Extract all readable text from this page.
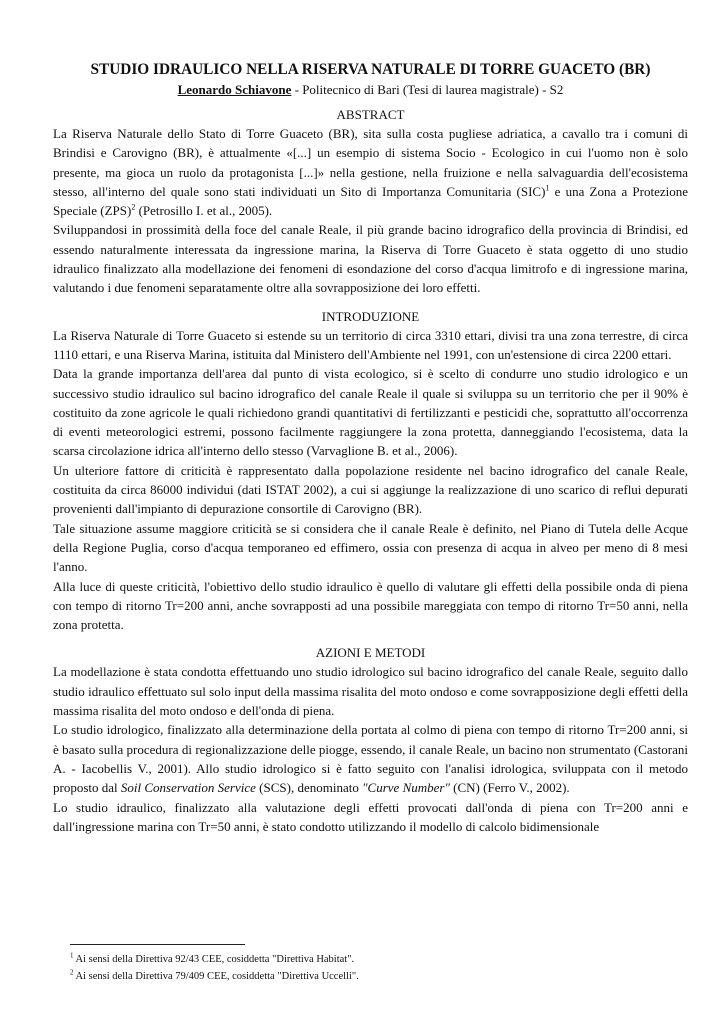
STUDIO IDRAULICO NELLA RISERVA NATURALE DI TORRE GUACETO (BR)

Leonardo Schiavone - Politecnico di Bari (Tesi di laurea magistrale) - S2

ABSTRACT

La Riserva Naturale dello Stato di Torre Guaceto (BR), sita sulla costa pugliese adriatica, a cavallo tra i comuni di Brindisi e Carovigno (BR), è attualmente «[...] un esempio di sistema Socio - Ecologico in cui l'uomo non è solo presente, ma gioca un ruolo da protagonista [...]» nella gestione, nella fruizione e nella salvaguardia dell'ecosistema stesso, all'interno del quale sono stati individuati un Sito di Importanza Comunitaria (SIC)$^1$ e una Zona a Protezione Speciale (ZPS)$^2$ (Petrosillo I. et al., 2005).

Sviluppandosi in prossimità della foce del canale Reale, il più grande bacino idrografico della provincia di Brindisi, ed essendo naturalmente interessata da ingressione marina, la Riserva di Torre Guaceto è stata oggetto di uno studio idraulico finalizzato alla modellazione dei fenomeni di esondazione del corso d'acqua limitrofo e di ingressione marina, valutando i due fenomeni separatamente oltre alla sovrapposizione dei loro effetti.

INTRODUZIONE

La Riserva Naturale di Torre Guaceto si estende su un territorio di circa 3310 ettari, divisi tra una zona terrestre, di circa 1110 ettari, e una Riserva Marina, istituita dal Ministero dell'Ambiente nel 1991, con un'estensione di circa 2200 ettari.

Data la grande importanza dell'area dal punto di vista ecologico, si è scelto di condurre uno studio idrologico e un successivo studio idraulico sul bacino idrografico del canale Reale il quale si sviluppa su un territorio che per il 90% è costituito da zone agricole le quali richiedono grandi quantitativi di fertilizzanti e pesticidi che, soprattutto all'occorrenza di eventi meteorologici estremi, possono facilmente raggiungere la zona protetta, danneggiando l'ecosistema, data la scarsa circolazione idrica all'interno dello stesso (Varvaglione B. et al., 2006).

Un ulteriore fattore di criticità è rappresentato dalla popolazione residente nel bacino idrografico del canale Reale, costituita da circa 86000 individui (dati ISTAT 2002), a cui si aggiunge la realizzazione di uno scarico di reflui depurati provenienti dall'impianto di depurazione consortile di Carovigno (BR).

Tale situazione assume maggiore criticità se si considera che il canale Reale è definito, nel Piano di Tutela delle Acque della Regione Puglia, corso d'acqua temporaneo ed effimero, ossia con presenza di acqua in alveo per meno di 8 mesi l'anno.

Alla luce di queste criticità, l'obiettivo dello studio idraulico è quello di valutare gli effetti della possibile onda di piena con tempo di ritorno Tr=200 anni, anche sovrapposti ad una possibile mareggiata con tempo di ritorno Tr=50 anni, nella zona protetta.

AZIONI E METODI

La modellazione è stata condotta effettuando uno studio idrologico sul bacino idrografico del canale Reale, seguito dallo studio idraulico effettuato sul solo input della massima risalita del moto ondoso e come sovrapposizione degli effetti della massima risalita del moto ondoso e dell'onda di piena.

Lo studio idrologico, finalizzato alla determinazione della portata al colmo di piena con tempo di ritorno Tr=200 anni, si è basato sulla procedura di regionalizzazione delle piogge, essendo, il canale Reale, un bacino non strumentato (Castorani A. - Iacobellis V., 2001). Allo studio idrologico si è fatto seguito con l'analisi idrologica, sviluppata con il metodo proposto dal Soil Conservation Service (SCS), denominato "Curve Number" (CN) (Ferro V., 2002).

Lo studio idraulico, finalizzato alla valutazione degli effetti provocati dall'onda di piena con Tr=200 anni e dall'ingressione marina con Tr=50 anni, è stato condotto utilizzando il modello di calcolo bidimensionale

$^1$ Ai sensi della Direttiva 92/43 CEE, cosiddetta "Direttiva Habitat".
$^2$ Ai sensi della Direttiva 79/409 CEE, cosiddetta "Direttiva Uccelli".
